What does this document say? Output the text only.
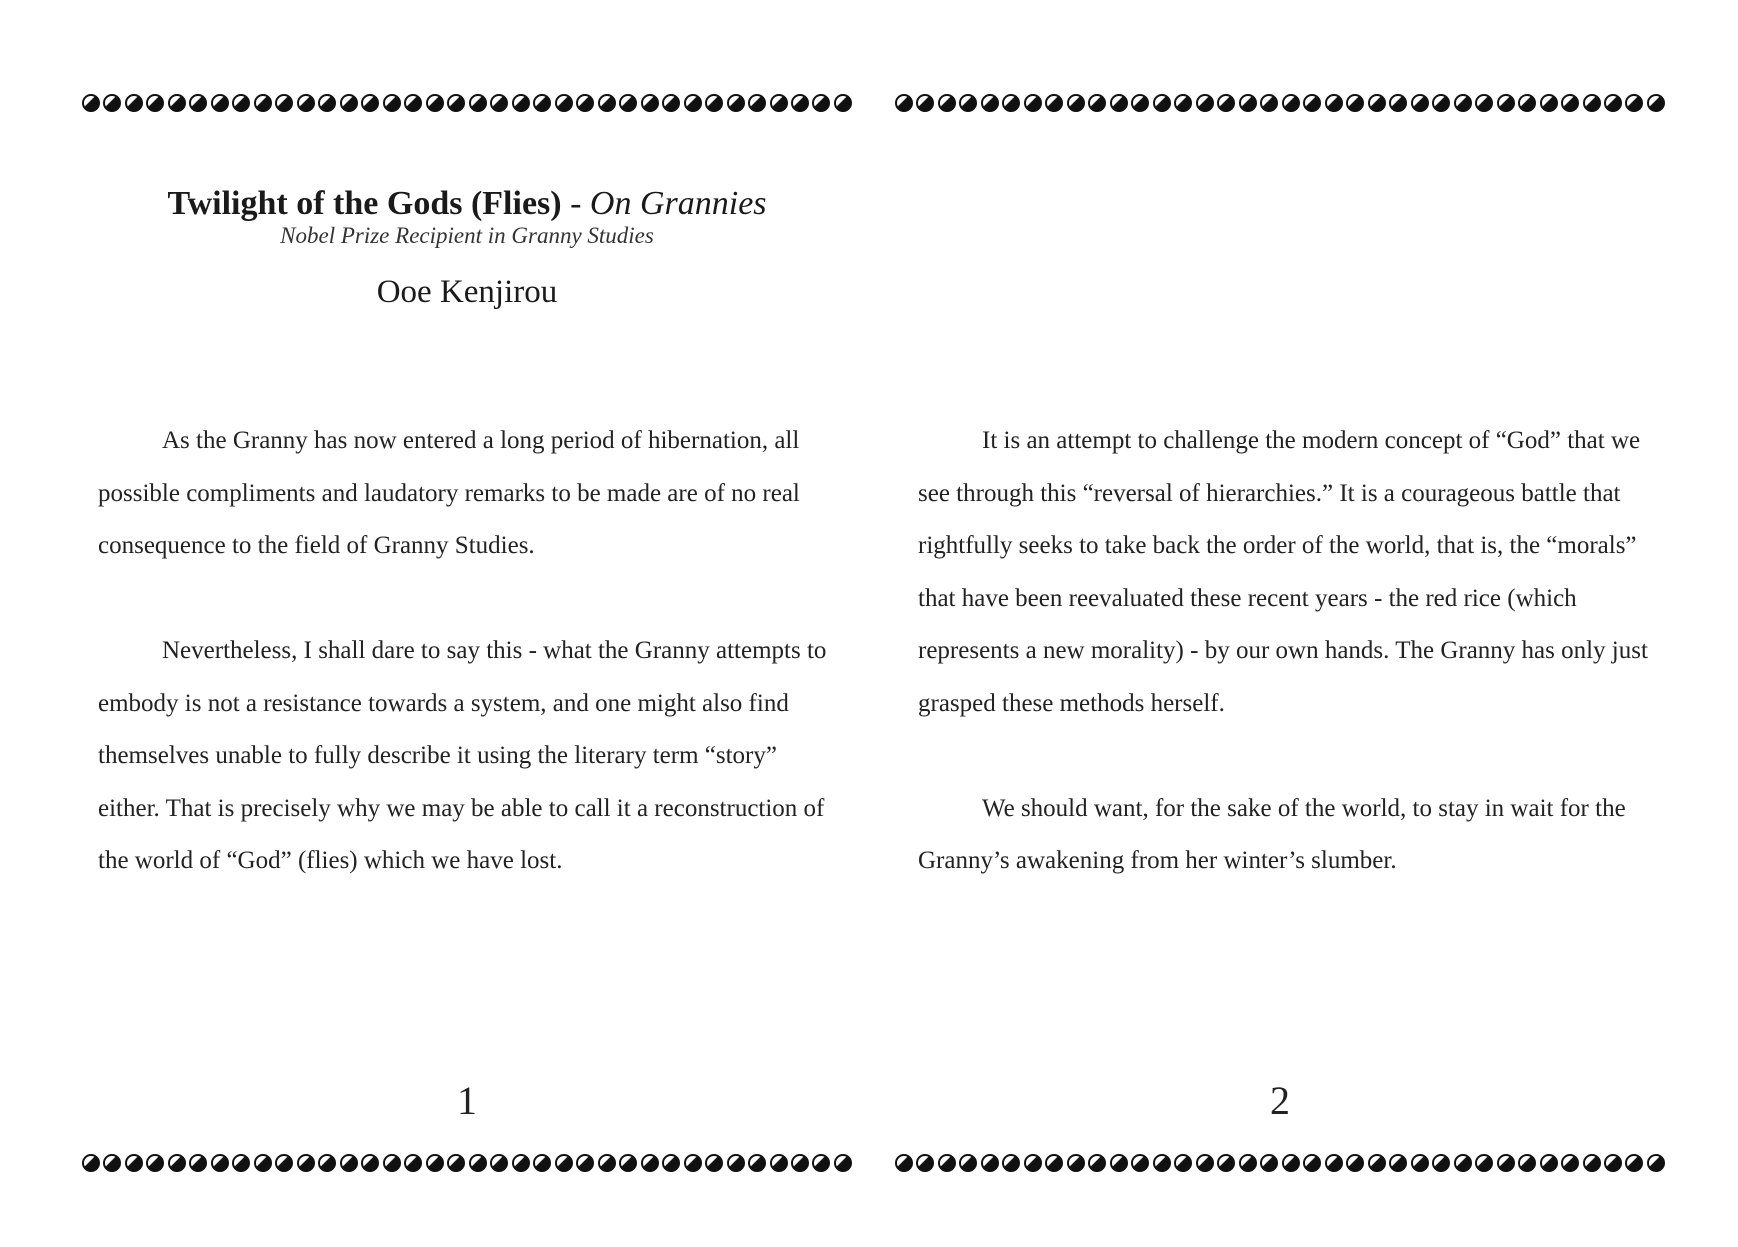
Twilight of the Gods (Flies) - On Grannies
Nobel Prize Recipient in Granny Studies
Ooe Kenjirou

As the Granny has now entered a long period of hibernation, all possible compliments and laudatory remarks to be made are of no real consequence to the field of Granny Studies.

Nevertheless, I shall dare to say this - what the Granny attempts to embody is not a resistance towards a system, and one might also find themselves unable to fully describe it using the literary term “story” either. That is precisely why we may be able to call it a reconstruction of the world of “God” (flies) which we have lost.

1

It is an attempt to challenge the modern concept of “God” that we see through this “reversal of hierarchies.” It is a courageous battle that rightfully seeks to take back the order of the world, that is, the “morals” that have been reevaluated these recent years - the red rice (which represents a new morality) - by our own hands. The Granny has only just grasped these methods herself.

We should want, for the sake of the world, to stay in wait for the Granny’s awakening from her winter’s slumber.

2
